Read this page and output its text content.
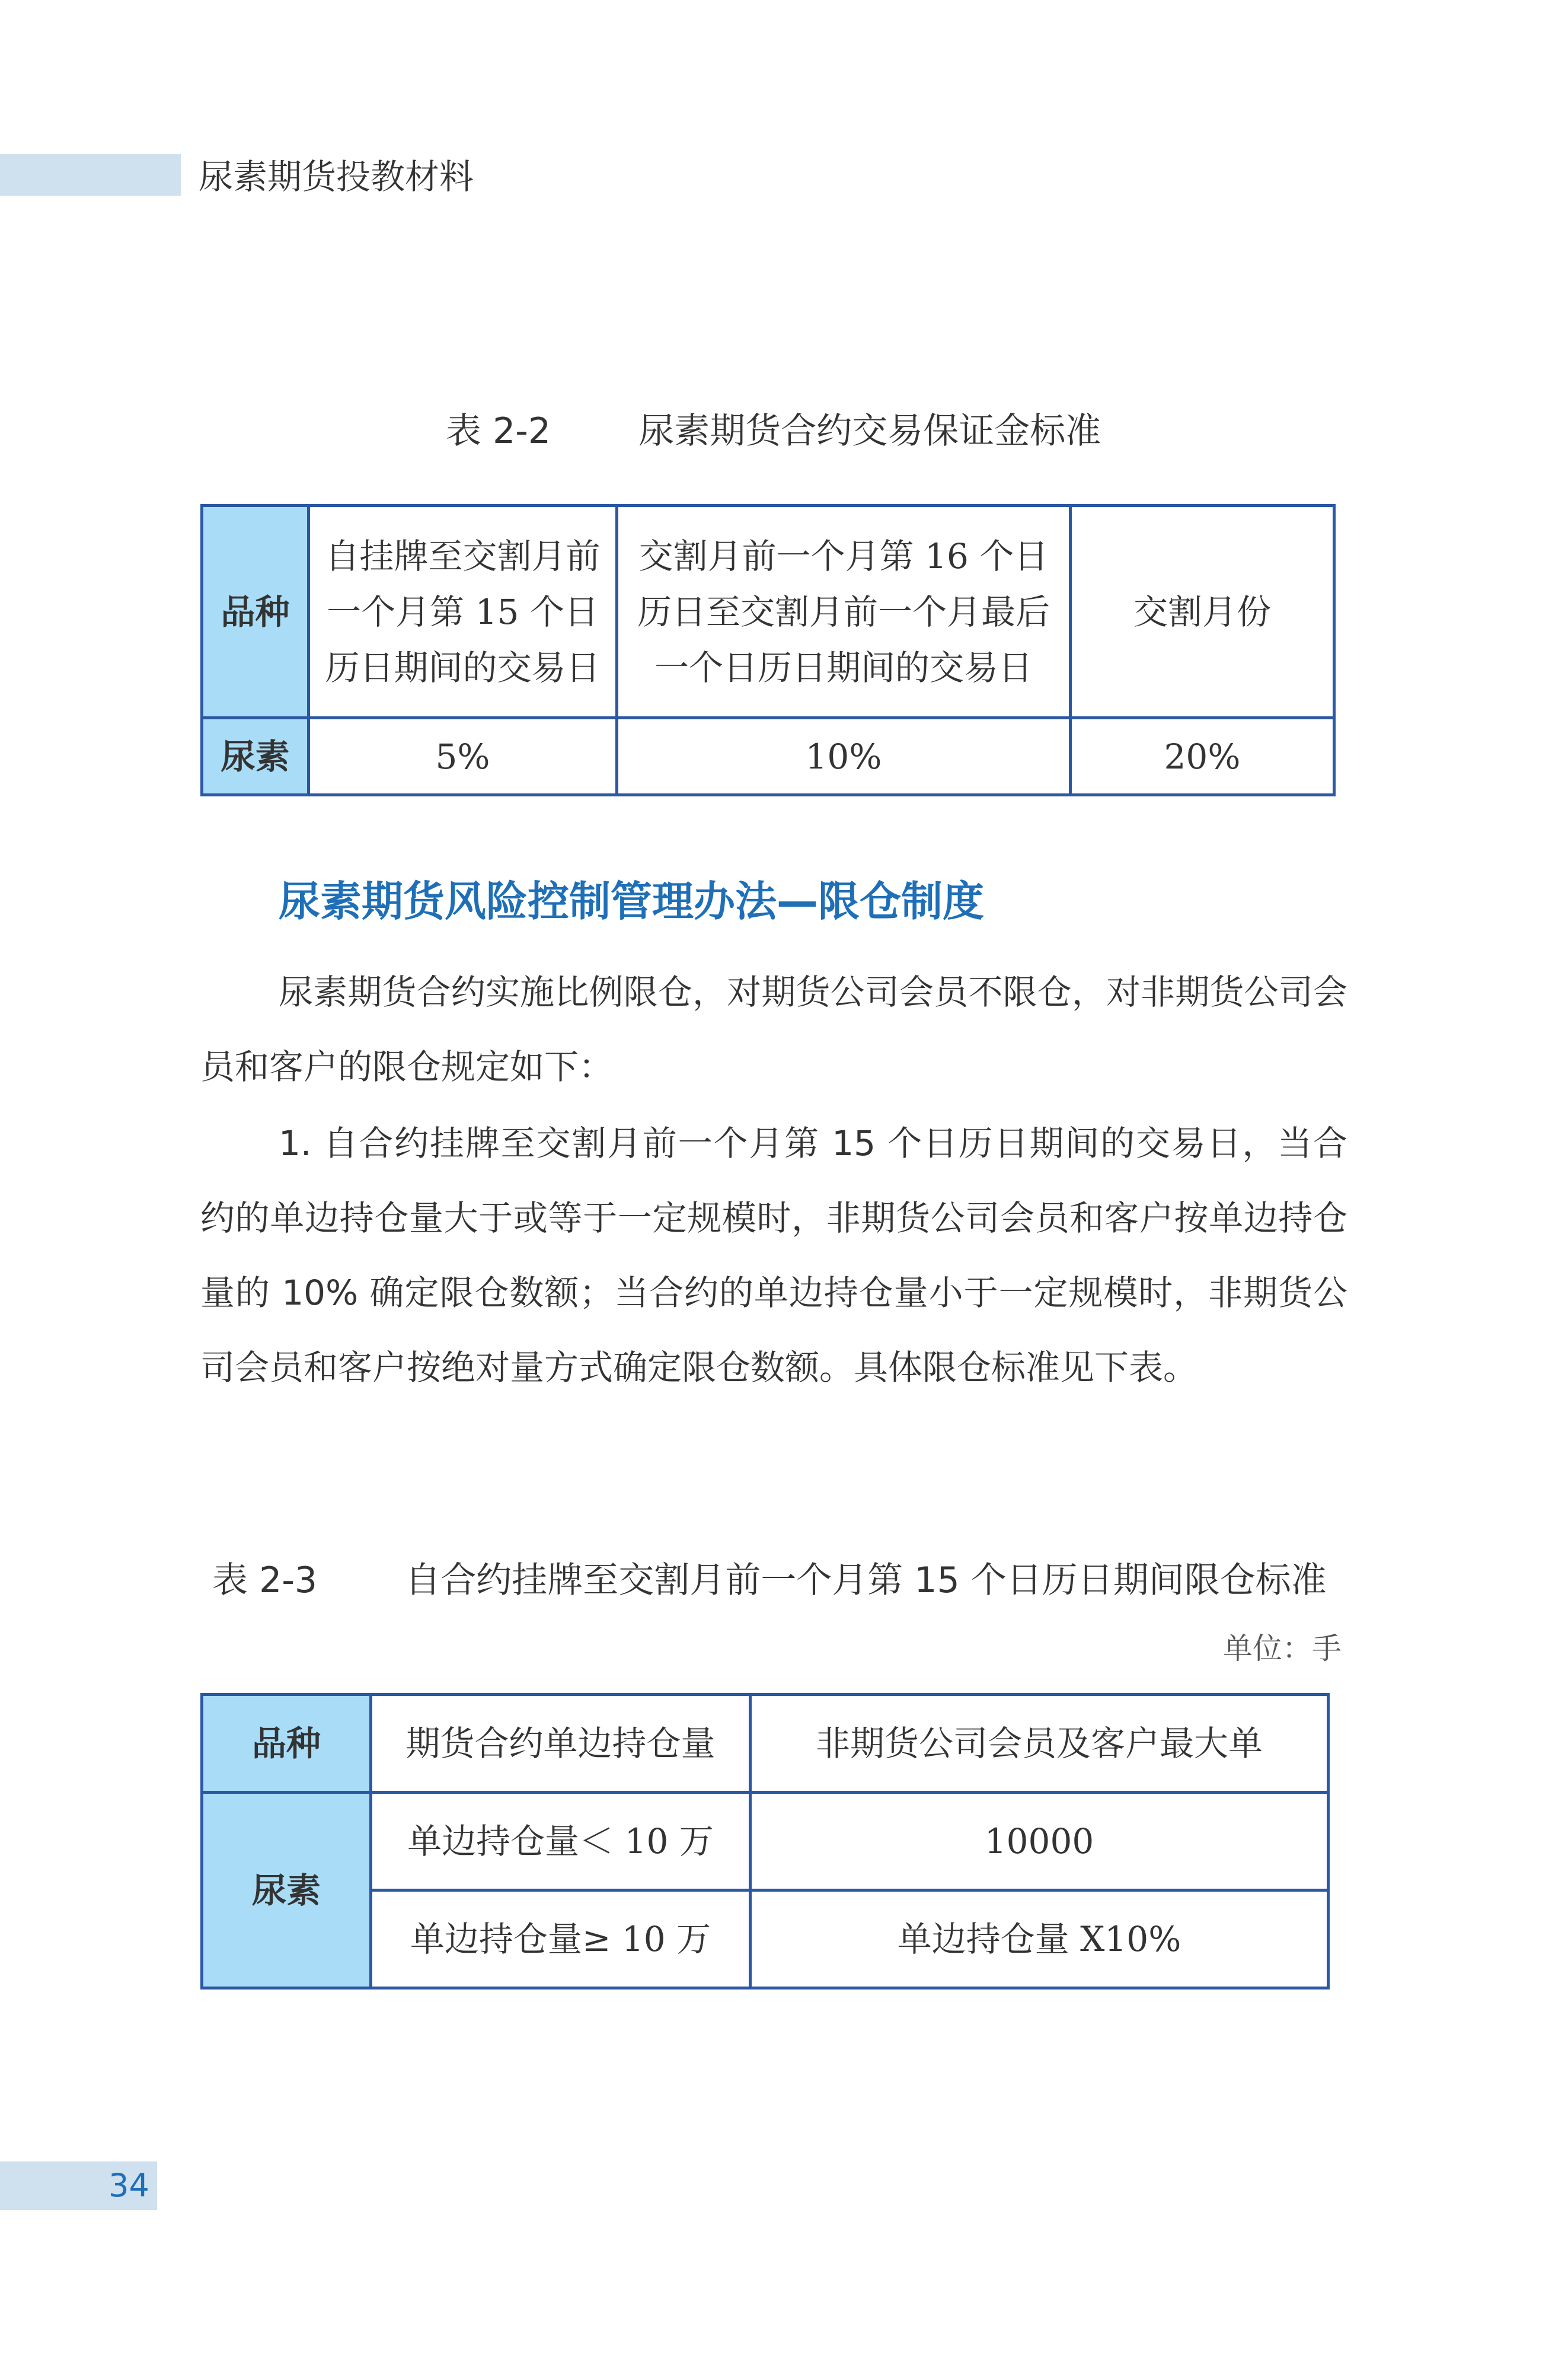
尿素期货投教材料
表 2-2 尿素期货合约交易保证金标准
品种	自挂牌至交割月前一个月第 15 个日历日期间的交易日	交割月前一个月第 16 个日历日至交割月前一个月最后一个日历日期间的交易日	交割月份
尿素	5%	10%	20%
尿素期货风险控制管理办法—限仓制度

尿素期货合约实施比例限仓，对期货公司会员不限仓，对非期货公司会员和客户的限仓规定如下：

1. 自合约挂牌至交割月前一个月第 15 个日历日期间的交易日，当合约的单边持仓量大于或等于一定规模时，非期货公司会员和客户按单边持仓量的 10% 确定限仓数额；当合约的单边持仓量小于一定规模时，非期货公司会员和客户按绝对量方式确定限仓数额。具体限仓标准见下表。

表 2-3 自合约挂牌至交割月前一个月第 15 个日历日期间限仓标准
单位：手
品种	期货合约单边持仓量	非期货公司会员及客户最大单
尿素	单边持仓量＜ 10 万	10000
	单边持仓量≥ 10 万	单边持仓量 X10%
34
